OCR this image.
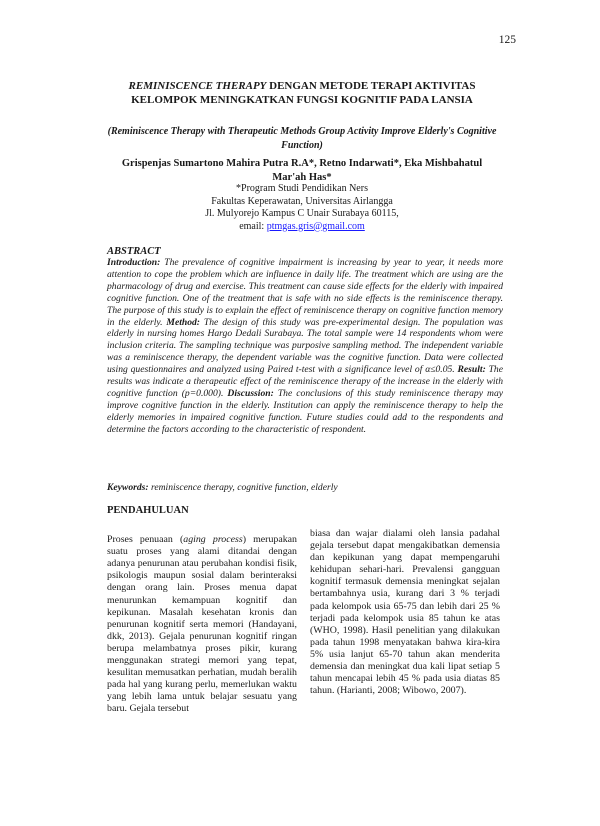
125
REMINISCENCE THERAPY DENGAN METODE TERAPI AKTIVITAS
KELOMPOK MENINGKATKAN FUNGSI KOGNITIF PADA LANSIA
(Reminiscence Therapy with Therapeutic Methods Group Activity Improve Elderly's Cognitive Function)
Grispenjas Sumartono Mahira Putra R.A*, Retno Indarwati*, Eka Mishbahatul Mar'ah Has*
*Program Studi Pendidikan Ners
Fakultas Keperawatan, Universitas Airlangga
Jl. Mulyorejo Kampus C Unair Surabaya 60115,
email: ptmgas.gris@gmail.com
ABSTRACT

Introduction: The prevalence of cognitive impairment is increasing by year to year, it needs more attention to cope the problem which are influence in daily life. The treatment which are using are the pharmacology of drug and exercise. This treatment can cause side effects for the elderly with impaired cognitive function. One of the treatment that is safe with no side effects is the reminiscence therapy. The purpose of this study is to explain the effect of reminiscence therapy on cognitive function memory in the elderly. Method: The design of this study was pre-experimental design. The population was elderly in nursing homes Hargo Dedali Surabaya. The total sample were 14 respondents whom were inclusion criteria. The sampling technique was purposive sampling method. The independent variable was a reminiscence therapy, the dependent variable was the cognitive function. Data were collected using questionnaires and analyzed using Paired t-test with a significance level of α≤0.05. Result: The results was indicate a therapeutic effect of the reminiscence therapy of the increase in the elderly with cognitive function (p=0.000). Discussion: The conclusions of this study reminiscence therapy may improve cognitive function in the elderly. Institution can apply the reminiscence therapy to help the elderly memories in impaired cognitive function. Future studies could add to the respondents and determine the factors according to the characteristic of respondent.

Keywords: reminiscence therapy, cognitive function, elderly
PENDAHULUAN

Proses penuaan (aging process) merupakan suatu proses yang alami ditandai dengan adanya penurunan atau perubahan kondisi fisik, psikologis maupun sosial dalam berinteraksi dengan orang lain. Proses menua dapat menurunkan kemampuan kognitif dan kepikunan. Masalah kesehatan kronis dan penurunan kognitif serta memori (Handayani, dkk, 2013). Gejala penurunan kognitif ringan berupa melambatnya proses pikir, kurang menggunakan strategi memori yang tepat, kesulitan memusatkan perhatian, mudah beralih pada hal yang kurang perlu, memerlukan waktu yang lebih lama untuk belajar sesuatu yang baru. Gejala tersebut

biasa dan wajar dialami oleh lansia padahal gejala tersebut dapat mengakibatkan demensia dan kepikunan yang dapat mempengaruhi kehidupan sehari-hari. Prevalensi gangguan kognitif termasuk demensia meningkat sejalan bertambahnya usia, kurang dari 3 % terjadi pada kelompok usia 65-75 dan lebih dari 25 % terjadi pada kelompok usia 85 tahun ke atas (WHO, 1998). Hasil penelitian yang dilakukan pada tahun 1998 menyatakan bahwa kira-kira 5% usia lanjut 65-70 tahun akan menderita demensia dan meningkat dua kali lipat setiap 5 tahun mencapai lebih 45 % pada usia diatas 85 tahun. (Harianti, 2008; Wibowo, 2007).
